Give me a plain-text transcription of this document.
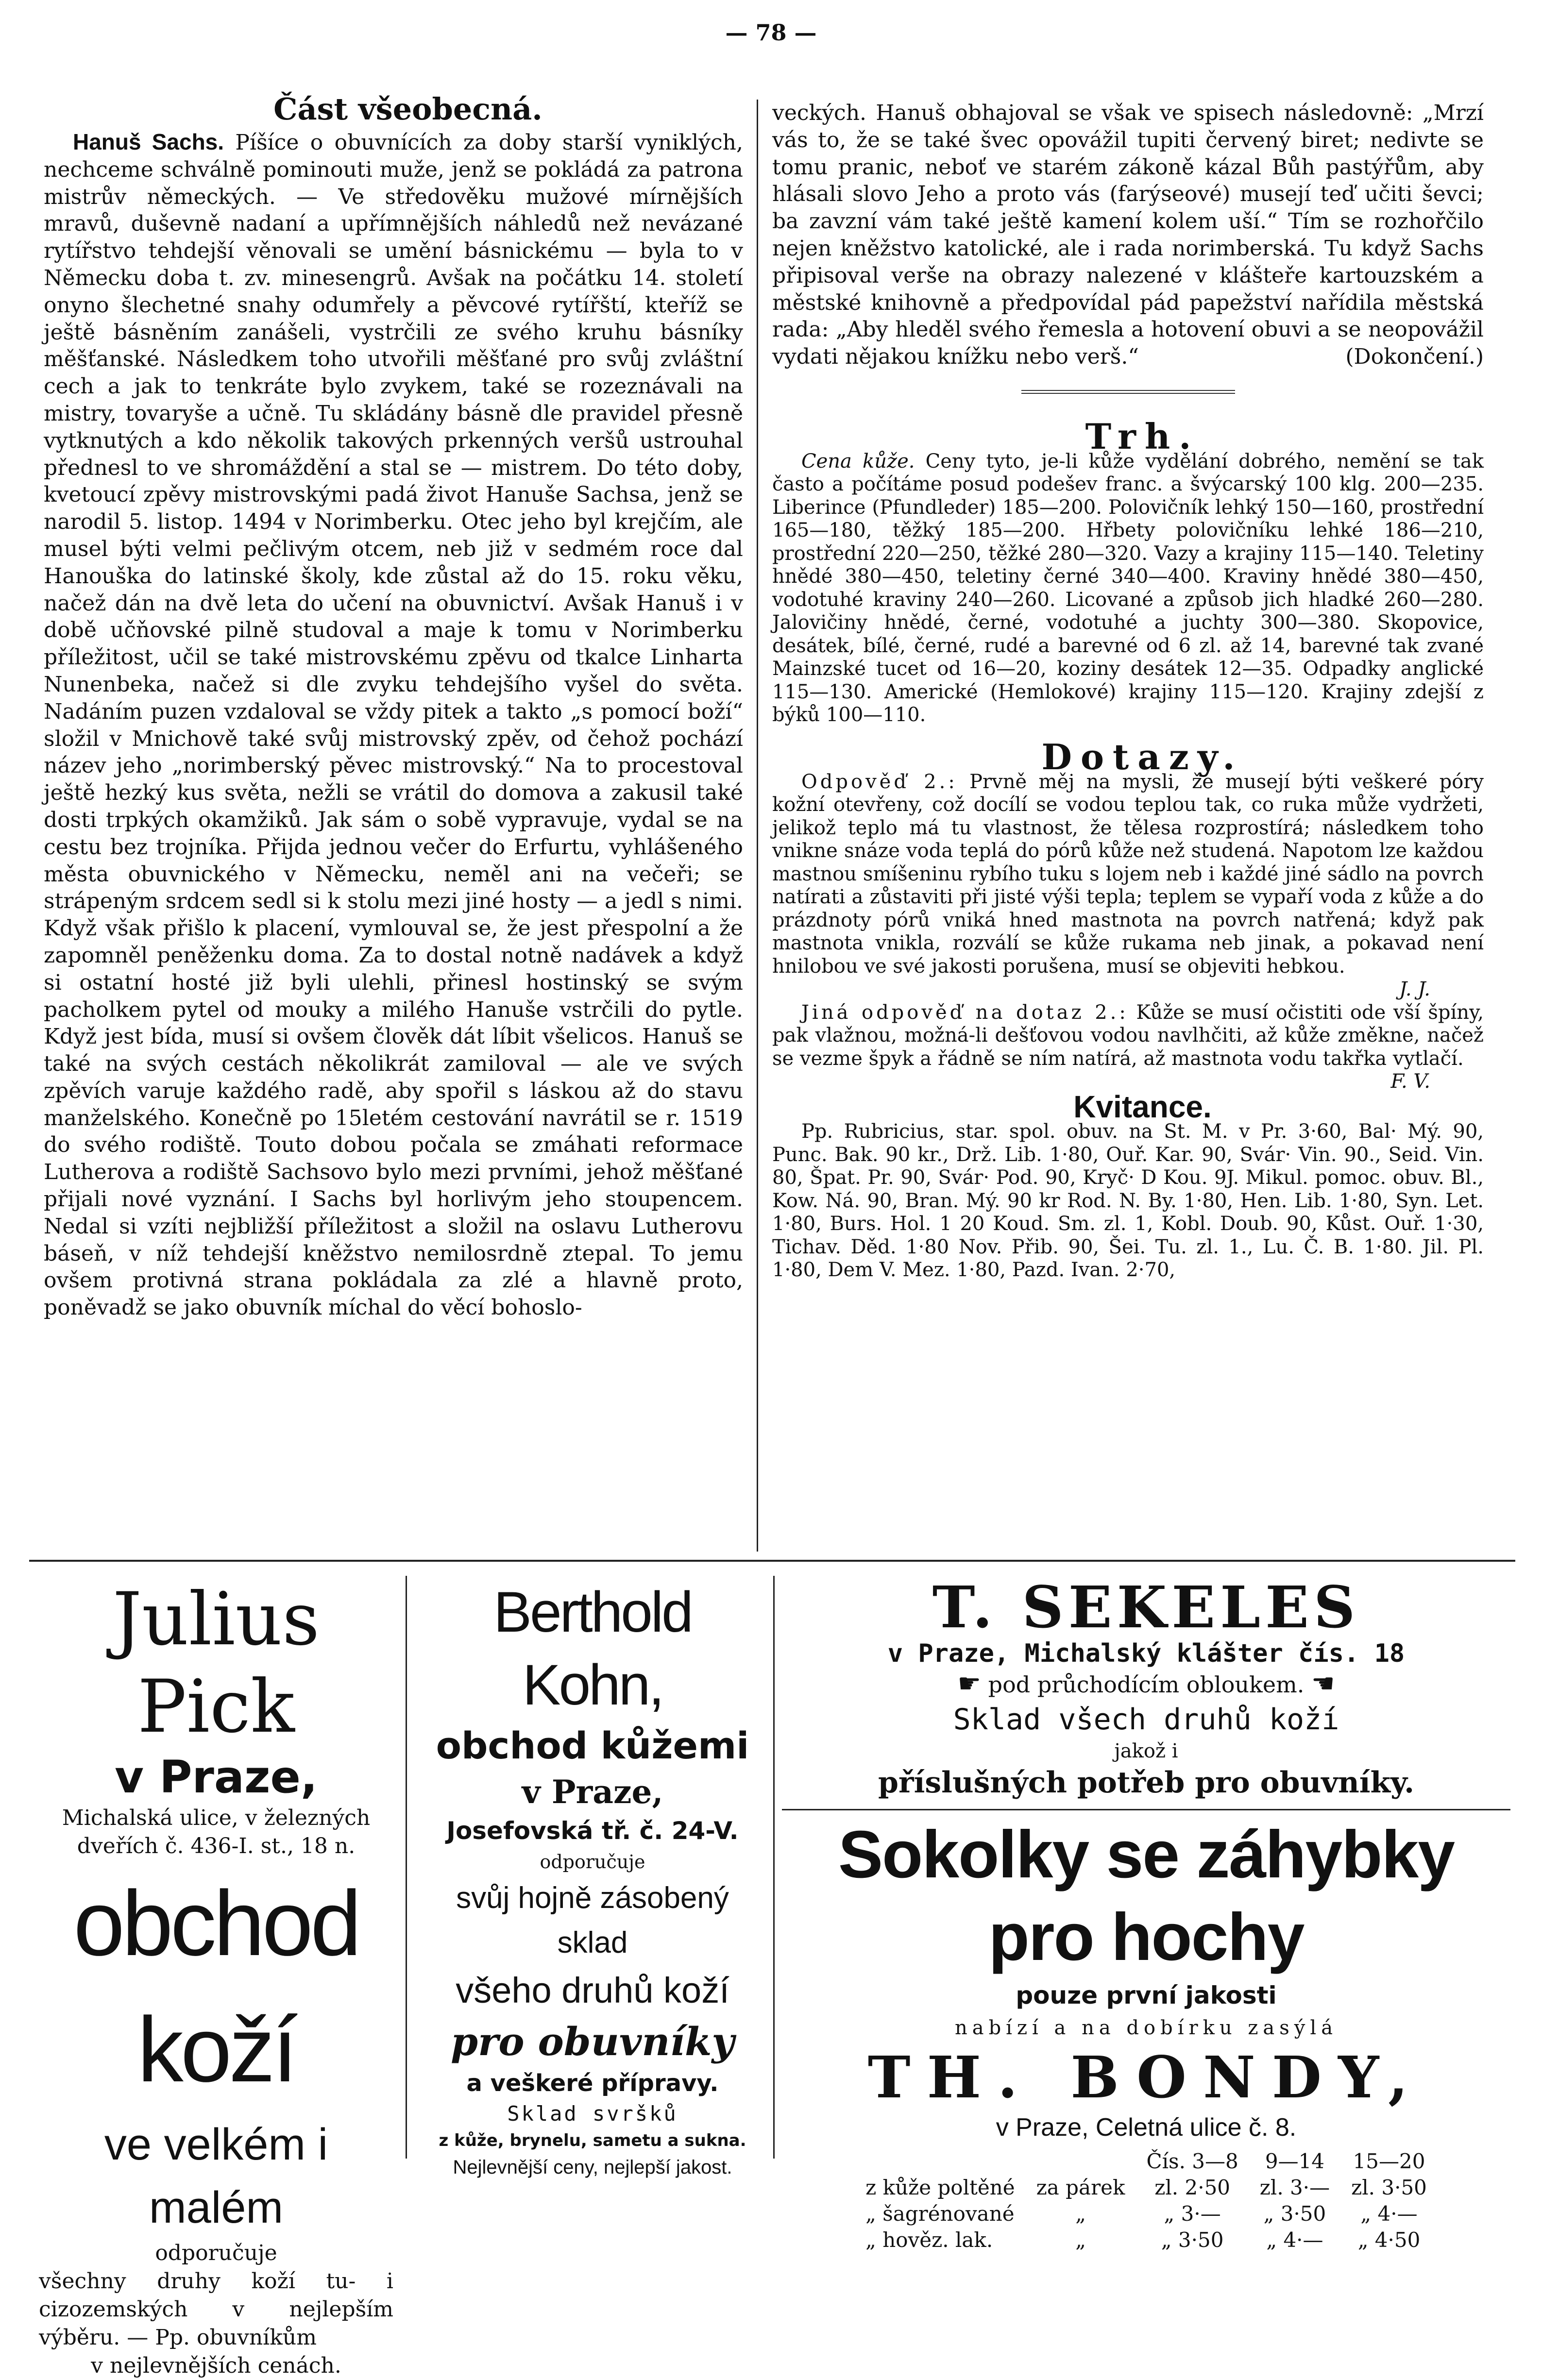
— 78 —

Část všeobecná.

Hanuš Sachs. Píšíce o obuvnících za doby starší vyniklých, nechceme schválně pominouti muže, jenž se pokládá za patrona mistrův německých. — Ve středověku mužové mírnějších mravů, duševně nadaní a upřímnějších náhledů než nevázané rytířstvo tehdejší věnovali se umění básnickému — byla to v Německu doba t. zv. minesengrů. Avšak na počátku 14. století onyno šlechetné snahy odumřely a pěvcové rytířští, kteříž se ještě básněním zanášeli, vystrčili ze svého kruhu básníky měšťanské. Následkem toho utvořili měšťané pro svůj zvláštní cech a jak to tenkráte bylo zvykem, také se rozeznávali na mistry, tovaryše a učně. Tu skládány básně dle pravidel přesně vytknutých a kdo několik takových prkenných veršů ustrouhal přednesl to ve shromáždění a stal se — mistrem. Do této doby, kvetoucí zpěvy mistrovskými padá život Hanuše Sachsa, jenž se narodil 5. listop. 1494 v Norimberku. Otec jeho byl krejčím, ale musel býti velmi pečlivým otcem, neb již v sedmém roce dal Hanouška do latinské školy, kde zůstal až do 15. roku věku, načež dán na dvě leta do učení na obuvnictví. Avšak Hanuš i v době učňovské pilně studoval a maje k tomu v Norimberku příležitost, učil se také mistrovskému zpěvu od tkalce Linharta Nunenbeka, načež si dle zvyku tehdejšího vyšel do světa. Nadáním puzen vzdaloval se vždy pitek a takto „s pomocí boží“ složil v Mnichově také svůj mistrovský zpěv, od čehož pochází název jeho „norimberský pěvec mistrovský.“ Na to procestoval ještě hezký kus světa, nežli se vrátil do domova a zakusil také dosti trpkých okamžiků. Jak sám o sobě vypravuje, vydal se na cestu bez trojníka. Přijda jednou večer do Erfurtu, vyhlášeného města obuvnického v Německu, neměl ani na večeři; se strápeným srdcem sedl si k stolu mezi jiné hosty — a jedl s nimi. Když však přišlo k placení, vymlouval se, že jest přespolní a že zapomněl peněženku doma. Za to dostal notně nadávek a když si ostatní hosté již byli ulehli, přinesl hostinský se svým pacholkem pytel od mouky a milého Hanuše vstrčili do pytle. Když jest bída, musí si ovšem člověk dát líbit všelicos. Hanuš se také na svých cestách několikrát zamiloval — ale ve svých zpěvích varuje každého radě, aby spořil s láskou až do stavu manželského. Konečně po 15letém cestování navrátil se r. 1519 do svého rodiště. Touto dobou počala se zmáhati reformace Lutherova a rodiště Sachsovo bylo mezi prvními, jehož měšťané přijali nové vyznání. I Sachs byl horlivým jeho stoupencem. Nedal si vzíti nejbližší příležitost a složil na oslavu Lutherovu báseň, v níž tehdejší kněžstvo nemilosrdně ztepal. To jemu ovšem protivná strana pokládala za zlé a hlavně proto, poněvadž se jako obuvník míchal do věcí bohoslo-

veckých. Hanuš obhajoval se však ve spisech následovně: „Mrzí vás to, že se také švec opovážil tupiti červený biret; nedivte se tomu pranic, neboť ve starém zákoně kázal Bůh pastýřům, aby hlásali slovo Jeho a proto vás (farýseové) musejí teď učiti ševci; ba zavzní vám také ještě kamení kolem uší.“ Tím se rozhořčilo nejen kněžstvo katolické, ale i rada norimberská. Tu když Sachs připisoval verše na obrazy nalezené v klášteře kartouzském a městské knihovně a předpovídal pád papežství nařídila městská rada: „Aby hleděl svého řemesla a hotovení obuvi a se neopovážil vydati nějakou knížku nebo verš.“	(Dokončení.)

Trh.

Cena kůže. Ceny tyto, je-li kůže vydělání dobrého, nemění se tak často a počítáme posud podešev franc. a švýcarský 100 klg. 200—235. Liberince (Pfundleder) 185—200. Polovičník lehký 150—160, prostřední 165—180, těžký 185—200. Hřbety polovičníku lehké 186—210, prostřední 220—250, těžké 280—320. Vazy a krajiny 115—140. Teletiny hnědé 380—450, teletiny černé 340—400. Kraviny hnědé 380—450, vodotuhé kraviny 240—260. Licované a způsob jich hladké 260—280. Jalovičiny hnědé, černé, vodotuhé a juchty 300—380. Skopovice, desátek, bílé, černé, rudé a barevné od 6 zl. až 14, barevné tak zvané Mainzské tucet od 16—20, koziny desátek 12—35. Odpadky anglické 115—130. Americké (Hemlokové) krajiny 115—120. Krajiny zdejší z býků 100—110.

Dotazy.

Odpověď 2.: Prvně měj na mysli, že musejí býti veškeré póry kožní otevřeny, což docílí se vodou teplou tak, co ruka může vydržeti, jelikož teplo má tu vlastnost, že tělesa rozprostírá; následkem toho vnikne snáze voda teplá do pórů kůže než studená. Napotom lze každou mastnou smíšeninu rybího tuku s lojem neb i každé jiné sádlo na povrch natírati a zůstaviti při jisté výši tepla; teplem se vypaří voda z kůže a do prázdnoty pórů vniká hned mastnota na povrch natřená; když pak mastnota vnikla, rozválí se kůže rukama neb jinak, a pokavad není hnilobou ve své jakosti porušena, musí se objeviti hebkou.

J. J.

Jiná odpověď na dotaz 2.: Kůže se musí očistiti ode vší špíny, pak vlažnou, možná-li dešťovou vodou navlhčiti, až kůže změkne, načež se vezme špyk a řádně se ním natírá, až mastnota vodu takřka vytlačí.

F. V.

Kvitance.

Pp. Rubricius, star. spol. obuv. na St. M. v Pr. 3·60, Bal· Mý. 90, Punc. Bak. 90 kr., Drž. Lib. 1·80, Ouř. Kar. 90, Svár· Vin. 90., Seid. Vin. 80, Špat. Pr. 90, Svár· Pod. 90, Kryč· D Kou. 9J. Mikul. pomoc. obuv. Bl., Kow. Ná. 90, Bran. Mý. 90 kr Rod. N. By. 1·80, Hen. Lib. 1·80, Syn. Let. 1·80, Burs. Hol. 1 20 Koud. Sm. zl. 1, Kobl. Doub. 90, Kůst. Ouř. 1·30, Tichav. Děd. 1·80 Nov. Přib. 90, Šei. Tu. zl. 1., Lu. Č. B. 1·80. Jil. Pl. 1·80, Dem V. Mez. 1·80, Pazd. Ivan. 2·70,

Julius Pick
v Praze,
Michalská ulice, v železných dveřích č. 436-I. st., 18 n.
obchod koží
ve velkém i malém
odporučuje
všechny druhy koží tu- i cizozemských v nejlepším výběru. — Pp. obuvníkům
v nejlevnějších cenách.
Berthold Kohn,
obchod kůžemi
v Praze,
Josefovská tř. č. 24-V.
odporučuje
svůj hojně zásobený sklad
všeho druhů koží
pro obuvníky
a veškeré přípravy.
Sklad svršků
z kůže, brynelu, sametu a sukna.
Nejlevnější ceny, nejlepší jakost.
T. SEKELES
v Praze, Michalský klášter čís. 18
☛ pod průchodícím obloukem. ☚
Sklad všech druhů koží
jakož i
příslušných potřeb pro obuvníky.
Sokolky se záhybky pro hochy
pouze první jakosti
nabízí a na dobírku zasýlá
TH. BONDY,
v Praze, Celetná ulice č. 8.
		Čís. 3—8	9—14	15—20
z kůže poltěné	za párek	zl. 2·50	zl. 3·—	zl. 3·50
„ šagrénované	„	„ 3·—	„ 3·50	„ 4·—
„ hověz. lak.	„	„ 3·50	„ 4·—	„ 4·50
